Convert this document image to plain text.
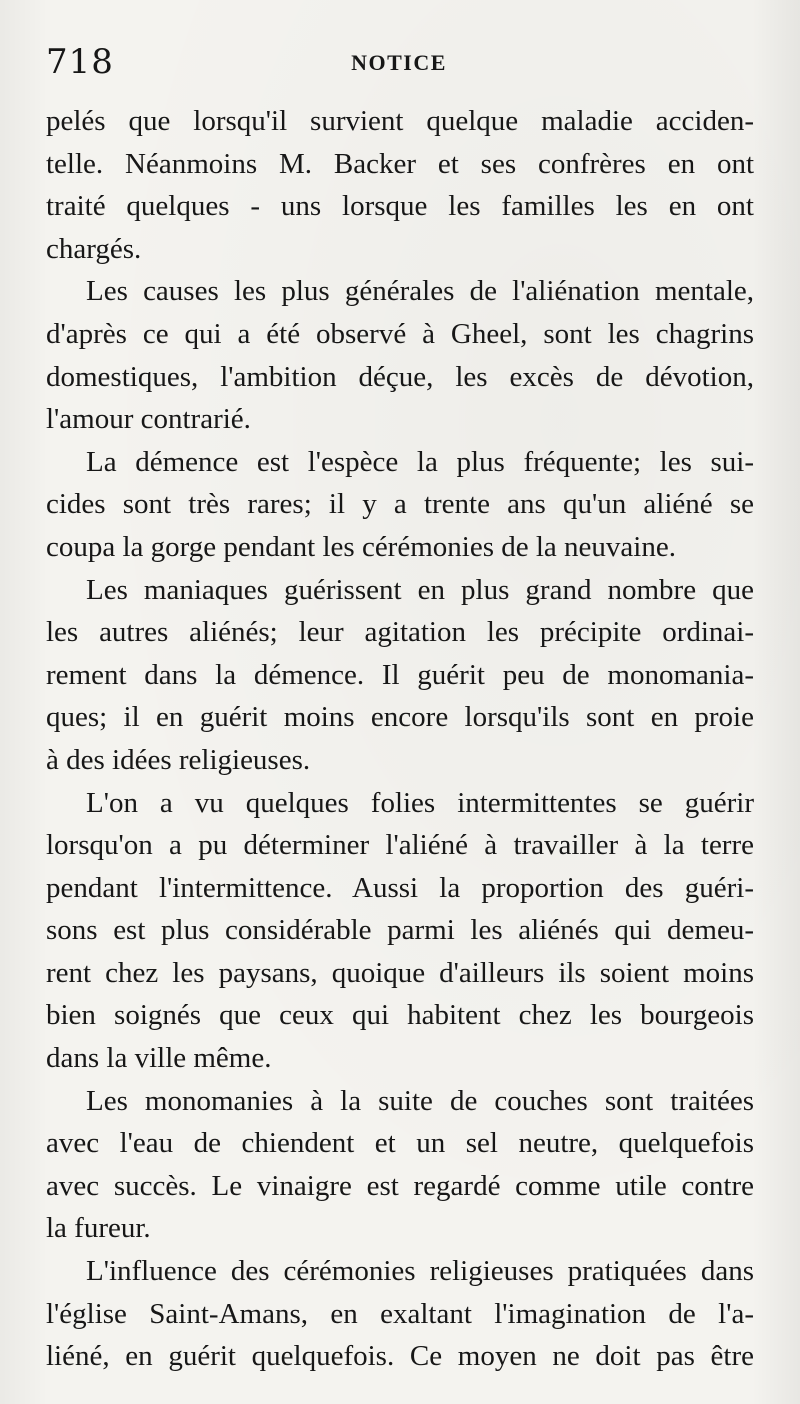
718	NOTICE
pelés que lorsqu'il survient quelque maladie acciden-
telle. Néanmoins M. Backer et ses confrères en ont
traité quelques - uns lorsque les familles les en ont
chargés.
Les causes les plus générales de l'aliénation mentale,
d'après ce qui a été observé à Gheel, sont les chagrins
domestiques, l'ambition déçue, les excès de dévotion,
l'amour contrarié.
La démence est l'espèce la plus fréquente; les sui-
cides sont très rares; il y a trente ans qu'un aliéné se
coupa la gorge pendant les cérémonies de la neuvaine.
Les maniaques guérissent en plus grand nombre que
les autres aliénés; leur agitation les précipite ordinai-
rement dans la démence. Il guérit peu de monomania-
ques; il en guérit moins encore lorsqu'ils sont en proie
à des idées religieuses.
L'on a vu quelques folies intermittentes se guérir
lorsqu'on a pu déterminer l'aliéné à travailler à la terre
pendant l'intermittence. Aussi la proportion des guéri-
sons est plus considérable parmi les aliénés qui demeu-
rent chez les paysans, quoique d'ailleurs ils soient moins
bien soignés que ceux qui habitent chez les bourgeois
dans la ville même.
Les monomanies à la suite de couches sont traitées
avec l'eau de chiendent et un sel neutre, quelquefois
avec succès. Le vinaigre est regardé comme utile contre
la fureur.
L'influence des cérémonies religieuses pratiquées dans
l'église Saint-Amans, en exaltant l'imagination de l'a-
liéné, en guérit quelquefois. Ce moyen ne doit pas être
